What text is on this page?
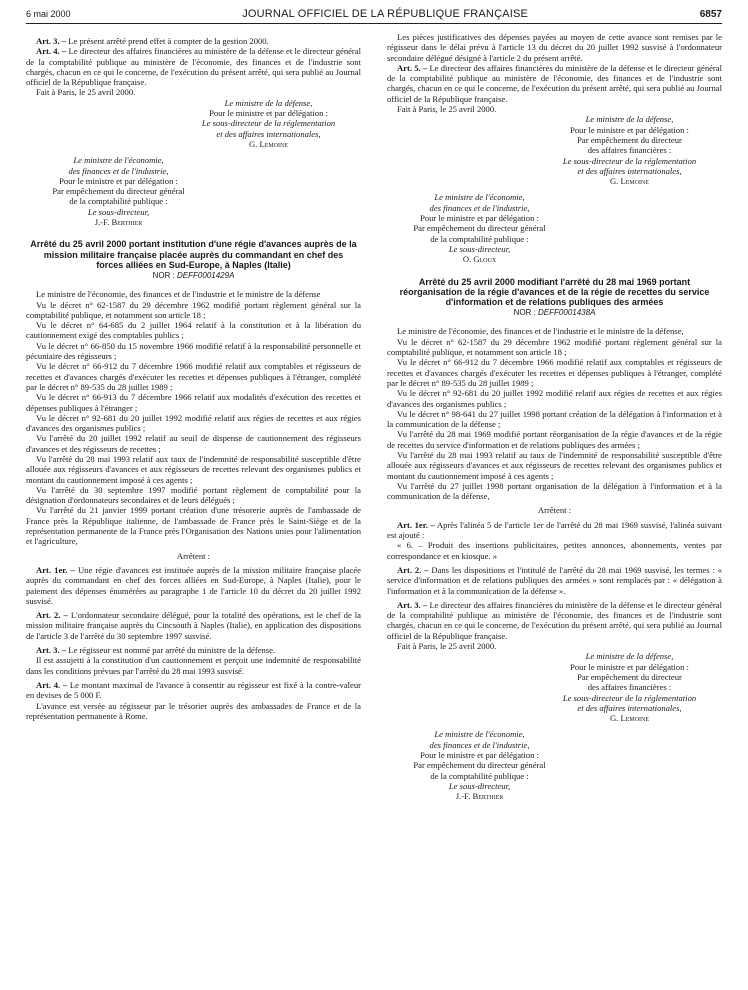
6 mai 2000	JOURNAL OFFICIEL DE LA RÉPUBLIQUE FRANÇAISE	6857

Art. 3. – Le présent arrêté prend effet à compter de la gestion 2000.

Art. 4. – Le directeur des affaires financières au ministère de la défense et le directeur général de la comptabilité publique au ministère de l'économie, des finances et de l'industrie sont chargés, chacun en ce qui le concerne, de l'exécution du présent arrêté, qui sera publié au Journal officiel de la République française.

Fait à Paris, le 25 avril 2000.

Le ministre de la défense,
Pour le ministre et par délégation :
Le sous-directeur de la réglementation
et des affaires internationales,
G. Lemoine
Le ministre de l'économie,
des finances et de l'industrie,
Pour le ministre et par délégation :
Par empêchement du directeur général
de la comptabilité publique :
Le sous-directeur,
J.-F. Berthier
Arrêté du 25 avril 2000 portant institution d'une régie d'avances auprès de la mission militaire française placée auprès du commandant en chef des forces alliées en Sud-Europe, à Naples (Italie)
NOR : DEFF0001429A

Le ministre de l'économie, des finances et de l'industrie et le ministre de la défense

Vu le décret n° 62-1587 du 29 décembre 1962 modifié portant règlement général sur la comptabilité publique, et notamment son article 18 ;

Vu le décret n° 64-685 du 2 juillet 1964 relatif à la constitution et à la libération du cautionnement exigé des comptables publics ;

Vu le décret n° 66-850 du 15 novembre 1966 modifié relatif à la responsabilité personnelle et pécuniaire des régisseurs ;

Vu le décret n° 66-912 du 7 décembre 1966 modifié relatif aux comptables et régisseurs de recettes et d'avances chargés d'exécuter les recettes et dépenses publiques à l'étranger, complété par le décret n° 89-535 du 28 juillet 1989 ;

Vu le décret n° 66-913 du 7 décembre 1966 relatif aux modalités d'exécution des recettes et dépenses publiques à l'étranger ;

Vu le décret n° 92-681 du 20 juillet 1992 modifié relatif aux régies de recettes et aux régies d'avances des organismes publics ;

Vu l'arrêté du 20 juillet 1992 relatif au seuil de dispense de cautionnement des régisseurs d'avances et des régisseurs de recettes ;

Vu l'arrêté du 28 mai 1993 relatif aux taux de l'indemnité de responsabilité susceptible d'être allouée aux régisseurs d'avances et aux régisseurs de recettes relevant des organismes publics et montant du cautionnement imposé à ces agents ;

Vu l'arrêté du 30 septembre 1997 modifié portant règlement de comptabilité pour la désignation d'ordonnateurs secondaires et de leurs délégués ;

Vu l'arrêté du 21 janvier 1999 portant création d'une trésorerie auprès de l'ambassade de France près la République italienne, de l'ambassade de France près le Saint-Siège et de la représentation permanente de la France près l'Organisation des Nations unies pour l'alimentation et l'agriculture,

Arrêtent :

Art. 1er. – Une régie d'avances est instituée auprès de la mission militaire française placée auprès du commandant en chef des forces alliées en Sud-Europe, à Naples (Italie), pour le paiement des dépenses énumérées au paragraphe 1 de l'article 10 du décret du 20 juillet 1992 susvisé.

Art. 2. – L'ordonnateur secondaire délégué, pour la totalité des opérations, est le chef de la mission militaire française auprès du Cincsouth à Naples (Italie), en application des dispositions de l'article 3 de l'arrêté du 30 septembre 1997 susvisé.

Art. 3. – Le régisseur est nommé par arrêté du ministre de la défense.

Il est assujetti à la constitution d'un cautionnement et perçoit une indemnité de responsabilité dans les conditions prévues par l'arrêté du 28 mai 1993 susvisé.

Art. 4. – Le montant maximal de l'avance à consentir au régisseur est fixé à la contre-valeur en devises de 5 000 F.

L'avance est versée au régisseur par le trésorier auprès des ambassades de France et de la représentation permanente à Rome.

Les pièces justificatives des dépenses payées au moyen de cette avance sont remises par le régisseur dans le délai prévu à l'article 13 du décret du 20 juillet 1992 susvisé à l'ordonnateur secondaire délégué désigné à l'article 2 du présent arrêté.

Art. 5. – Le directeur des affaires financières du ministère de la défense et le directeur général de la comptabilité publique au ministère de l'économie, des finances et de l'industrie sont chargés, chacun en ce qui le concerne, de l'exécution du présent arrêté, qui sera publié au Journal officiel de la République française.

Fait à Paris, le 25 avril 2000.

Le ministre de la défense,
Pour le ministre et par délégation :
Par empêchement du directeur
des affaires financières :
Le sous-directeur de la réglementation
et des affaires internationales,
G. Lemoine
Le ministre de l'économie,
des finances et de l'industrie,
Pour le ministre et par délégation :
Par empêchement du directeur général
de la comptabilité publique :
Le sous-directeur,
O. Gloux
Arrêté du 25 avril 2000 modifiant l'arrêté du 28 mai 1969 portant réorganisation de la régie d'avances et de la régie de recettes du service d'information et de relations publiques des armées
NOR : DEFF0001438A

Le ministre de l'économie, des finances et de l'industrie et le ministre de la défense,

Vu le décret n° 62-1587 du 29 décembre 1962 modifié portant règlement général sur la comptabilité publique, et notamment son article 18 ;

Vu le décret n° 66-912 du 7 décembre 1966 modifié relatif aux comptables et régisseurs de recettes et d'avances chargés d'exécuter les recettes et dépenses publiques à l'étranger, complété par le décret n° 89-535 du 28 juillet 1989 ;

Vu le décret n° 92-681 du 20 juillet 1992 modifié relatif aux régies de recettes et aux régies d'avances des organismes publics ;

Vu le décret n° 98-641 du 27 juillet 1998 portant création de la délégation à l'information et à la communication de la défense ;

Vu l'arrêté du 28 mai 1969 modifié portant réorganisation de la régie d'avances et de la régie de recettes du service d'information et de relations publiques des armées ;

Vu l'arrêté du 28 mai 1993 relatif au taux de l'indemnité de responsabilité susceptible d'être allouée aux régisseurs d'avances et aux régisseurs de recettes relevant des organismes publics et montant du cautionnement imposé à ces agents ;

Vu l'arrêté du 27 juillet 1998 portant organisation de la délégation à l'information et à la communication de la défense,

Arrêtent :

Art. 1er. – Après l'alinéa 5 de l'article 1er de l'arrêté du 28 mai 1969 susvisé, l'alinéa suivant est ajouté :

« 6. – Produit des insertions publicitaires, petites annonces, abonnements, ventes par correspondance et en kiosque. »

Art. 2. – Dans les dispositions et l'intitulé de l'arrêté du 28 mai 1969 susvisé, les termes : « service d'information et de relations publiques des armées » sont remplacés par : « délégation à l'information et à la communication de la défense ».

Art. 3. – Le directeur des affaires financières du ministère de la défense et le directeur général de la comptabilité publique au ministère de l'économie, des finances et de l'industrie sont chargés, chacun en ce qui le concerne, de l'exécution du présent arrêté, qui sera publié au Journal officiel de la République française.

Fait à Paris, le 25 avril 2000.

Le ministre de la défense,
Pour le ministre et par délégation :
Par empêchement du directeur
des affaires financières :
Le sous-directeur de la réglementation
et des affaires internationales,
G. Lemoine
Le ministre de l'économie,
des finances et de l'industrie,
Pour le ministre et par délégation :
Par empêchement du directeur général
de la comptabilité publique :
Le sous-directeur,
J.-F. Berthier
